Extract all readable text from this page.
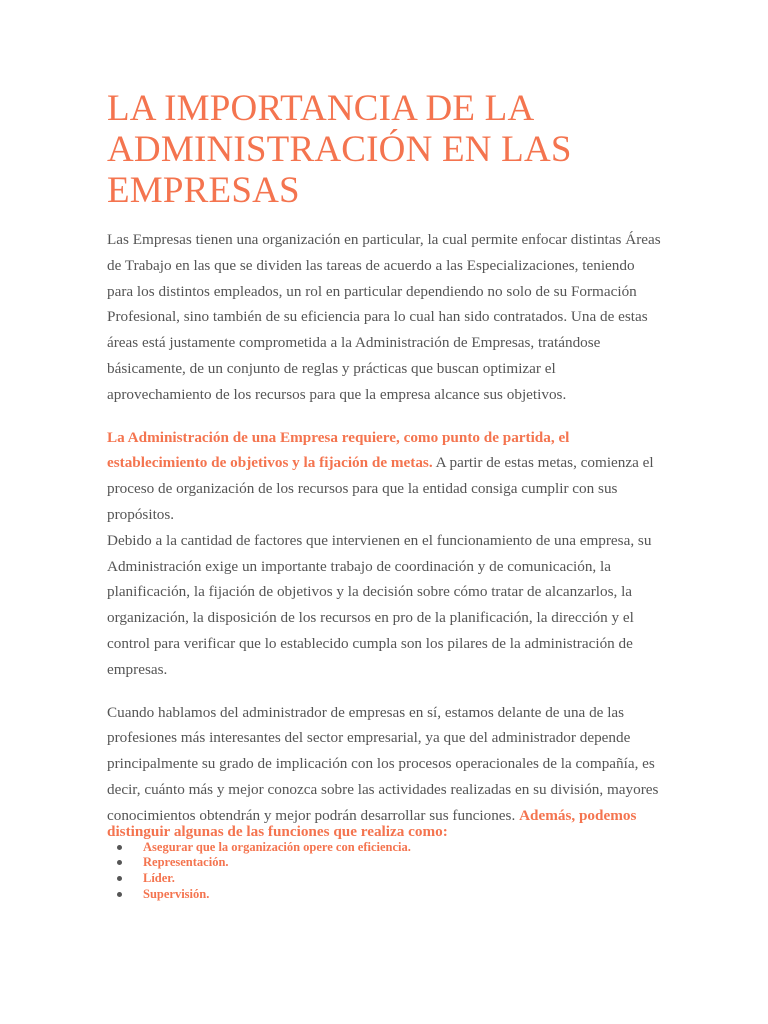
LA IMPORTANCIA DE LA ADMINISTRACIÓN EN LAS EMPRESAS

Las Empresas tienen una organización en particular, la cual permite enfocar distintas Áreas de Trabajo en las que se dividen las tareas de acuerdo a las Especializaciones, teniendo para los distintos empleados, un rol en particular dependiendo no solo de su Formación Profesional, sino también de su eficiencia para lo cual han sido contratados. Una de estas áreas está justamente comprometida a la Administración de Empresas, tratándose básicamente, de un conjunto de reglas y prácticas que buscan optimizar el aprovechamiento de los recursos para que la empresa alcance sus objetivos.

La Administración de una Empresa requiere, como punto de partida, el establecimiento de objetivos y la fijación de metas. A partir de estas metas, comienza el proceso de organización de los recursos para que la entidad consiga cumplir con sus propósitos.

Debido a la cantidad de factores que intervienen en el funcionamiento de una empresa, su Administración exige un importante trabajo de coordinación y de comunicación, la planificación, la fijación de objetivos y la decisión sobre cómo tratar de alcanzarlos, la organización, la disposición de los recursos en pro de la planificación, la dirección y el control para verificar que lo establecido cumpla son los pilares de la administración de empresas.

Cuando hablamos del administrador de empresas en sí, estamos delante de una de las profesiones más interesantes del sector empresarial, ya que del administrador depende principalmente su grado de implicación con los procesos operacionales de la compañía, es decir, cuánto más y mejor conozca sobre las actividades realizadas en su división, mayores conocimientos obtendrán y mejor podrán desarrollar sus funciones. Además, podemos
distinguir algunas de las funciones que realiza como:

Asegurar que la organización opere con eficiencia.
Representación.
Líder.
Supervisión.
